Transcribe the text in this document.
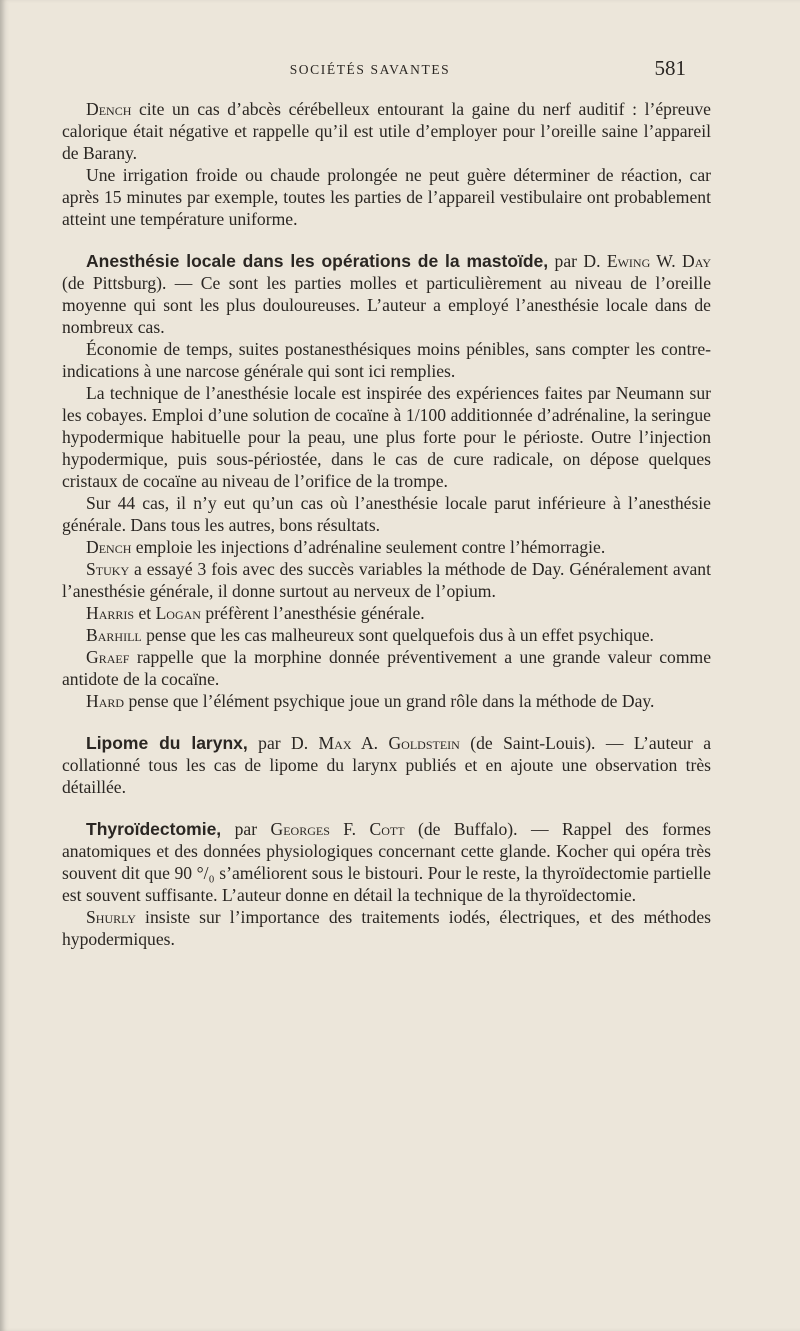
SOCIÉTÉS SAVANTES	581

Dench cite un cas d’abcès cérébelleux entourant la gaine du nerf auditif : l’épreuve calorique était négative et rappelle qu’il est utile d’employer pour l’oreille saine l’appareil de Barany.

Une irrigation froide ou chaude prolongée ne peut guère déterminer de réaction, car après 15 minutes par exemple, toutes les parties de l’appareil vestibulaire ont probablement atteint une température uniforme.

Anesthésie locale dans les opérations de la mastoïde, par D. Ewing W. Day (de Pittsburg). — Ce sont les parties molles et particulièrement au niveau de l’oreille moyenne qui sont les plus douloureuses. L’auteur a employé l’anesthésie locale dans de nombreux cas.

Économie de temps, suites postanesthésiques moins pénibles, sans compter les contre-indications à une narcose générale qui sont ici remplies.

La technique de l’anesthésie locale est inspirée des expériences faites par Neumann sur les cobayes. Emploi d’une solution de cocaïne à 1/100 additionnée d’adrénaline, la seringue hypodermique habituelle pour la peau, une plus forte pour le périoste. Outre l’injection hypodermique, puis sous-périostée, dans le cas de cure radicale, on dépose quelques cristaux de cocaïne au niveau de l’orifice de la trompe.

Sur 44 cas, il n’y eut qu’un cas où l’anesthésie locale parut inférieure à l’anesthésie générale. Dans tous les autres, bons résultats.

Dench emploie les injections d’adrénaline seulement contre l’hémorragie.

Stuky a essayé 3 fois avec des succès variables la méthode de Day. Généralement avant l’anesthésie générale, il donne surtout au nerveux de l’opium.

Harris et Logan préfèrent l’anesthésie générale.

Barhill pense que les cas malheureux sont quelquefois dus à un effet psychique.

Graef rappelle que la morphine donnée préventivement a une grande valeur comme antidote de la cocaïne.

Hard pense que l’élément psychique joue un grand rôle dans la méthode de Day.

Lipome du larynx, par D. Max A. Goldstein (de Saint-Louis). — L’auteur a collationné tous les cas de lipome du larynx publiés et en ajoute une observation très détaillée.

Thyroïdectomie, par Georges F. Cott (de Buffalo). — Rappel des formes anatomiques et des données physiologiques concernant cette glande. Kocher qui opéra très souvent dit que 90 °/₀ s’améliorent sous le bistouri. Pour le reste, la thyroïdectomie partielle est souvent suffisante. L’auteur donne en détail la technique de la thyroïdectomie.

Shurly insiste sur l’importance des traitements iodés, électriques, et des méthodes hypodermiques.
